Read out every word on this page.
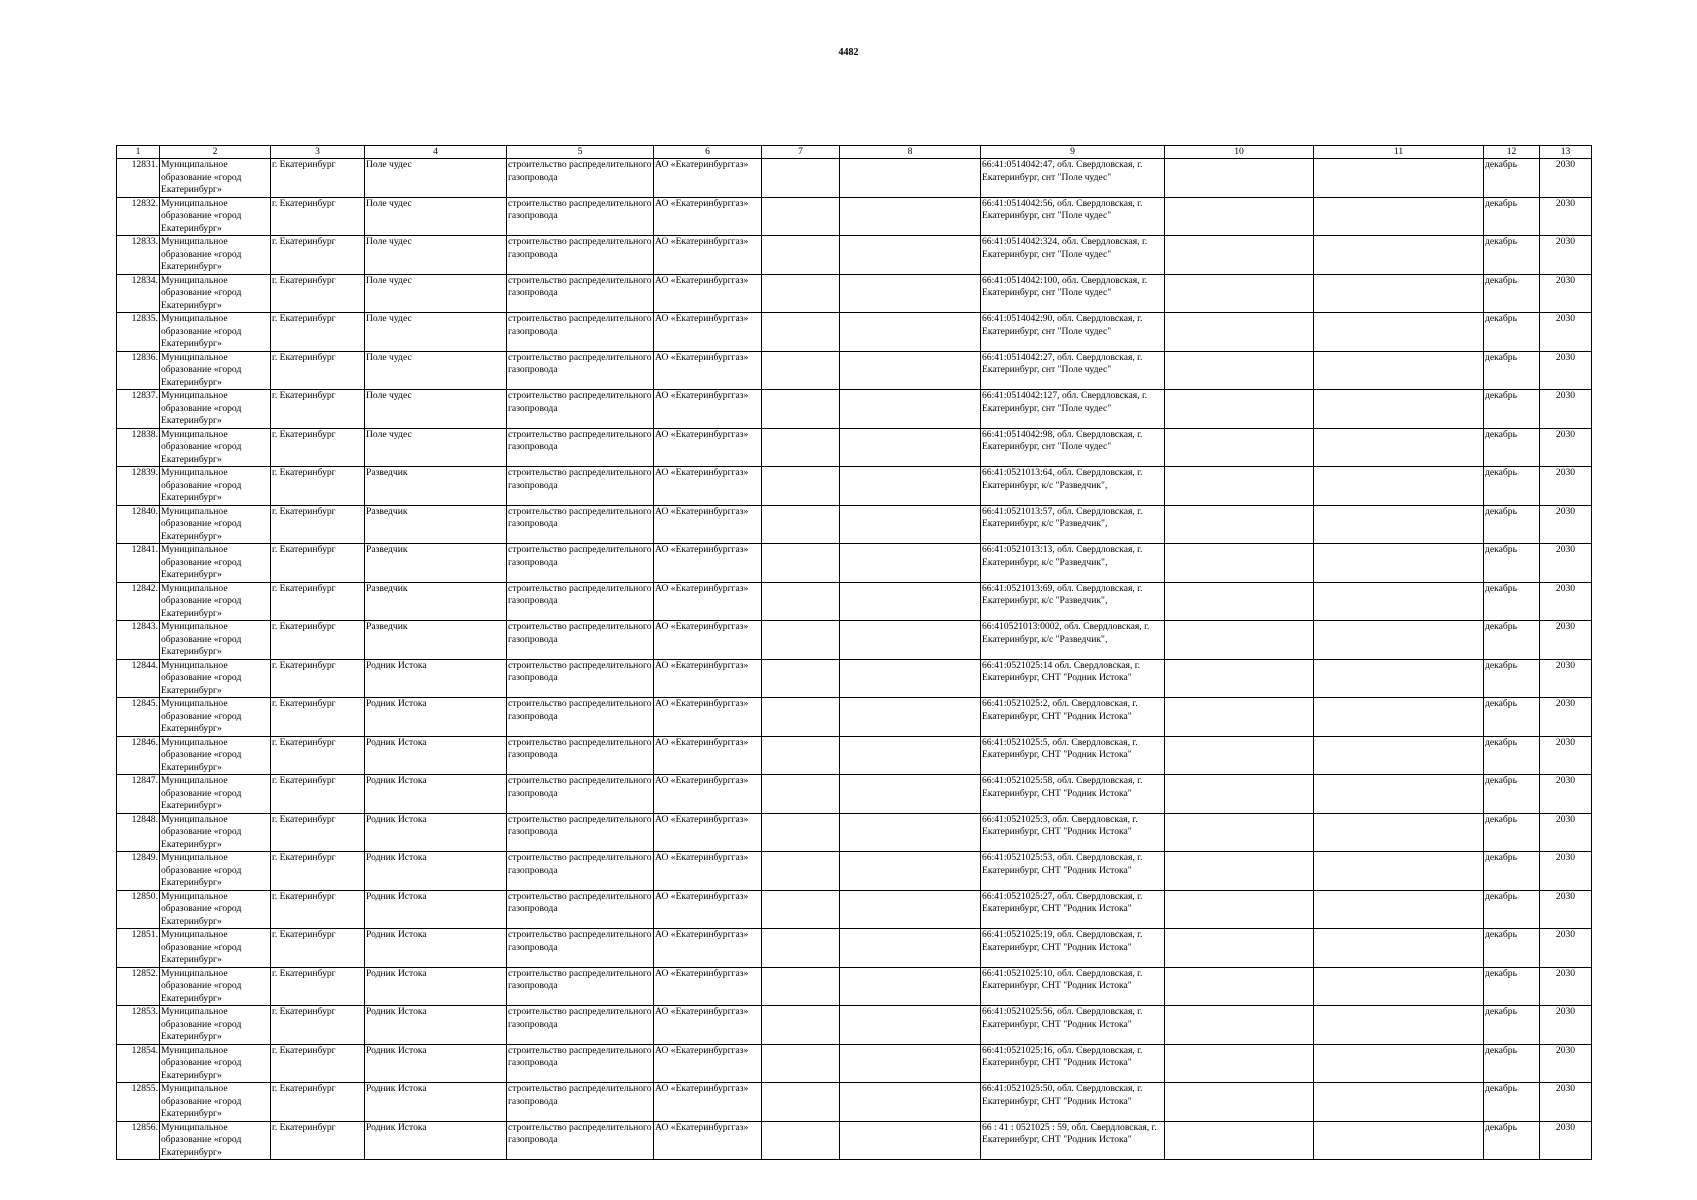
4482
1	2	3	4	5	6	7	8	9	10	11	12	13
12831.	Муниципальное образование «город Екатеринбург»	г. Екатеринбург	Поле чудес	строительство распределительного газопровода	АО «Екатеринбурггаз»			66:41:0514042:47, обл. Свердловская, г. Екатеринбург, снт "Поле чудес"			декабрь	2030
12832.	Муниципальное образование «город Екатеринбург»	г. Екатеринбург	Поле чудес	строительство распределительного газопровода	АО «Екатеринбурггаз»			66:41:0514042:56, обл. Свердловская, г. Екатеринбург, снт "Поле чудес"			декабрь	2030
12833.	Муниципальное образование «город Екатеринбург»	г. Екатеринбург	Поле чудес	строительство распределительного газопровода	АО «Екатеринбурггаз»			66:41:0514042:324, обл. Свердловская, г. Екатеринбург, снт "Поле чудес"			декабрь	2030
12834.	Муниципальное образование «город Екатеринбург»	г. Екатеринбург	Поле чудес	строительство распределительного газопровода	АО «Екатеринбурггаз»			66:41:0514042:100, обл. Свердловская, г. Екатеринбург, снт "Поле чудес"			декабрь	2030
12835.	Муниципальное образование «город Екатеринбург»	г. Екатеринбург	Поле чудес	строительство распределительного газопровода	АО «Екатеринбурггаз»			66:41:0514042:90, обл. Свердловская, г. Екатеринбург, снт "Поле чудес"			декабрь	2030
12836.	Муниципальное образование «город Екатеринбург»	г. Екатеринбург	Поле чудес	строительство распределительного газопровода	АО «Екатеринбурггаз»			66:41:0514042:27, обл. Свердловская, г. Екатеринбург, снт "Поле чудес"			декабрь	2030
12837.	Муниципальное образование «город Екатеринбург»	г. Екатеринбург	Поле чудес	строительство распределительного газопровода	АО «Екатеринбурггаз»			66:41:0514042:127, обл. Свердловская, г. Екатеринбург, снт "Поле чудес"			декабрь	2030
12838.	Муниципальное образование «город Екатеринбург»	г. Екатеринбург	Поле чудес	строительство распределительного газопровода	АО «Екатеринбурггаз»			66:41:0514042:98, обл. Свердловская, г. Екатеринбург, снт "Поле чудес"			декабрь	2030
12839.	Муниципальное образование «город Екатеринбург»	г. Екатеринбург	Разведчик	строительство распределительного газопровода	АО «Екатеринбурггаз»			66:41:0521013:64, обл. Свердловская, г. Екатеринбург, к/с "Разведчик",			декабрь	2030
12840.	Муниципальное образование «город Екатеринбург»	г. Екатеринбург	Разведчик	строительство распределительного газопровода	АО «Екатеринбурггаз»			66:41:0521013:57, обл. Свердловская, г. Екатеринбург, к/с "Разведчик",			декабрь	2030
12841.	Муниципальное образование «город Екатеринбург»	г. Екатеринбург	Разведчик	строительство распределительного газопровода	АО «Екатеринбурггаз»			66:41:0521013:13, обл. Свердловская, г. Екатеринбург, к/с "Разведчик",			декабрь	2030
12842.	Муниципальное образование «город Екатеринбург»	г. Екатеринбург	Разведчик	строительство распределительного газопровода	АО «Екатеринбурггаз»			66:41:0521013:69, обл. Свердловская, г. Екатеринбург, к/с "Разведчик",			декабрь	2030
12843.	Муниципальное образование «город Екатеринбург»	г. Екатеринбург	Разведчик	строительство распределительного газопровода	АО «Екатеринбурггаз»			66:410521013:0002, обл. Свердловская, г. Екатеринбург, к/с "Разведчик",			декабрь	2030
12844.	Муниципальное образование «город Екатеринбург»	г. Екатеринбург	Родник Истока	строительство распределительного газопровода	АО «Екатеринбурггаз»			66:41:0521025:14 обл. Свердловская, г. Екатеринбург, СНТ "Родник Истока"			декабрь	2030
12845.	Муниципальное образование «город Екатеринбург»	г. Екатеринбург	Родник Истока	строительство распределительного газопровода	АО «Екатеринбурггаз»			66:41:0521025:2, обл. Свердловская, г. Екатеринбург, СНТ "Родник Истока"			декабрь	2030
12846.	Муниципальное образование «город Екатеринбург»	г. Екатеринбург	Родник Истока	строительство распределительного газопровода	АО «Екатеринбурггаз»			66:41:0521025:5, обл. Свердловская, г. Екатеринбург, СНТ "Родник Истока"			декабрь	2030
12847.	Муниципальное образование «город Екатеринбург»	г. Екатеринбург	Родник Истока	строительство распределительного газопровода	АО «Екатеринбурггаз»			66:41:0521025:58, обл. Свердловская, г. Екатеринбург, СНТ "Родник Истока"			декабрь	2030
12848.	Муниципальное образование «город Екатеринбург»	г. Екатеринбург	Родник Истока	строительство распределительного газопровода	АО «Екатеринбурггаз»			66:41:0521025:3, обл. Свердловская, г. Екатеринбург, СНТ "Родник Истока"			декабрь	2030
12849.	Муниципальное образование «город Екатеринбург»	г. Екатеринбург	Родник Истока	строительство распределительного газопровода	АО «Екатеринбурггаз»			66:41:0521025:53, обл. Свердловская, г. Екатеринбург, СНТ "Родник Истока"			декабрь	2030
12850.	Муниципальное образование «город Екатеринбург»	г. Екатеринбург	Родник Истока	строительство распределительного газопровода	АО «Екатеринбурггаз»			66:41:0521025:27, обл. Свердловская, г. Екатеринбург, СНТ "Родник Истока"			декабрь	2030
12851.	Муниципальное образование «город Екатеринбург»	г. Екатеринбург	Родник Истока	строительство распределительного газопровода	АО «Екатеринбурггаз»			66:41:0521025:19, обл. Свердловская, г. Екатеринбург, СНТ "Родник Истока"			декабрь	2030
12852.	Муниципальное образование «город Екатеринбург»	г. Екатеринбург	Родник Истока	строительство распределительного газопровода	АО «Екатеринбурггаз»			66:41:0521025:10, обл. Свердловская, г. Екатеринбург, СНТ "Родник Истока"			декабрь	2030
12853.	Муниципальное образование «город Екатеринбург»	г. Екатеринбург	Родник Истока	строительство распределительного газопровода	АО «Екатеринбурггаз»			66:41:0521025:56, обл. Свердловская, г. Екатеринбург, СНТ "Родник Истока"			декабрь	2030
12854.	Муниципальное образование «город Екатеринбург»	г. Екатеринбург	Родник Истока	строительство распределительного газопровода	АО «Екатеринбурггаз»			66:41:0521025:16, обл. Свердловская, г. Екатеринбург, СНТ "Родник Истока"			декабрь	2030
12855.	Муниципальное образование «город Екатеринбург»	г. Екатеринбург	Родник Истока	строительство распределительного газопровода	АО «Екатеринбурггаз»			66:41:0521025:50, обл. Свердловская, г. Екатеринбург, СНТ "Родник Истока"			декабрь	2030
12856.	Муниципальное образование «город Екатеринбург»	г. Екатеринбург	Родник Истока	строительство распределительного газопровода	АО «Екатеринбурггаз»			66 : 41 : 0521025 : 59, обл. Свердловская, г. Екатеринбург, СНТ "Родник Истока"			декабрь	2030
